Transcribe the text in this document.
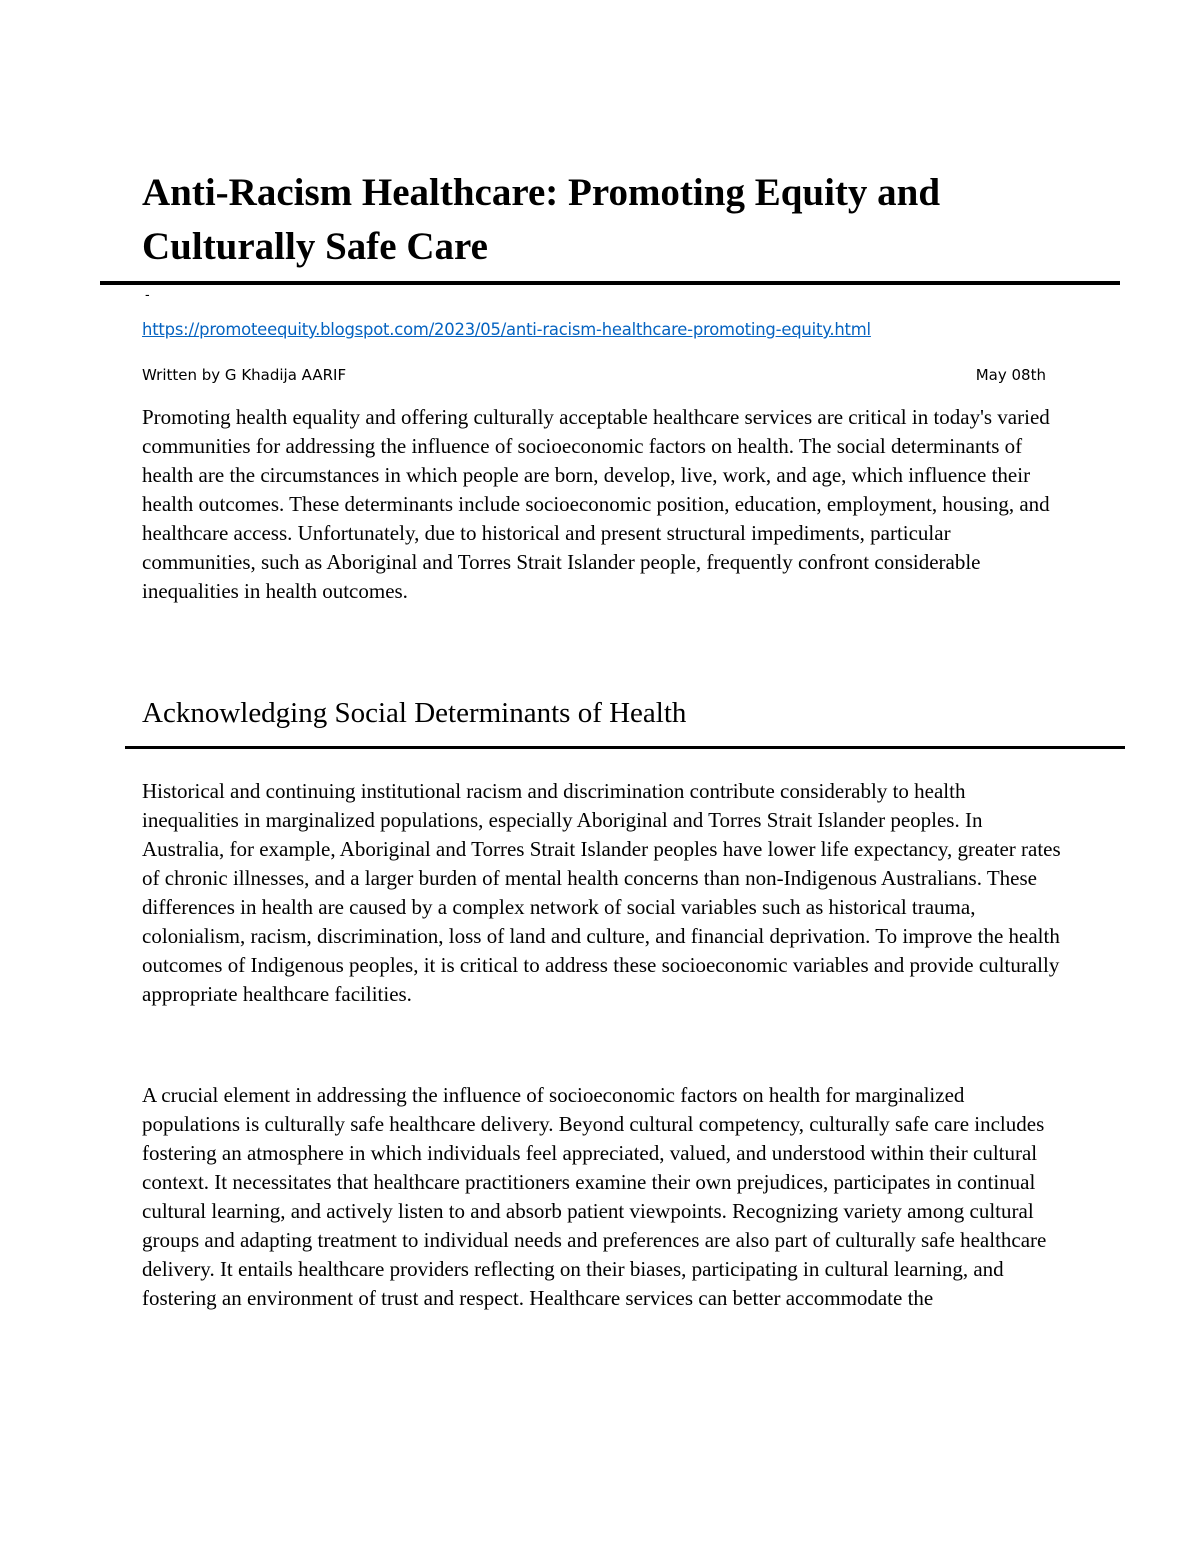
Anti-Racism Healthcare: Promoting Equity and Culturally Safe Care
-
https://promoteequity.blogspot.com/2023/05/anti-racism-healthcare-promoting-equity.html
Written by G Khadija AARIF	May 08th

Promoting health equality and offering culturally acceptable healthcare services are critical in today's varied communities for addressing the influence of socioeconomic factors on health. The social determinants of health are the circumstances in which people are born, develop, live, work, and age, which influence their health outcomes. These determinants include socioeconomic position, education, employment, housing, and healthcare access. Unfortunately, due to historical and present structural impediments, particular communities, such as Aboriginal and Torres Strait Islander people, frequently confront considerable inequalities in health outcomes.

Acknowledging Social Determinants of Health

Historical and continuing institutional racism and discrimination contribute considerably to health inequalities in marginalized populations, especially Aboriginal and Torres Strait Islander peoples. In Australia, for example, Aboriginal and Torres Strait Islander peoples have lower life expectancy, greater rates of chronic illnesses, and a larger burden of mental health concerns than non-Indigenous Australians. These differences in health are caused by a complex network of social variables such as historical trauma, colonialism, racism, discrimination, loss of land and culture, and financial deprivation. To improve the health outcomes of Indigenous peoples, it is critical to address these socioeconomic variables and provide culturally appropriate healthcare facilities.

A crucial element in addressing the influence of socioeconomic factors on health for marginalized populations is culturally safe healthcare delivery. Beyond cultural competency, culturally safe care includes fostering an atmosphere in which individuals feel appreciated, valued, and understood within their cultural context. It necessitates that healthcare practitioners examine their own prejudices, participates in continual cultural learning, and actively listen to and absorb patient viewpoints. Recognizing variety among cultural groups and adapting treatment to individual needs and preferences are also part of culturally safe healthcare delivery. It entails healthcare providers reflecting on their biases, participating in cultural learning, and fostering an environment of trust and respect. Healthcare services can better accommodate the
